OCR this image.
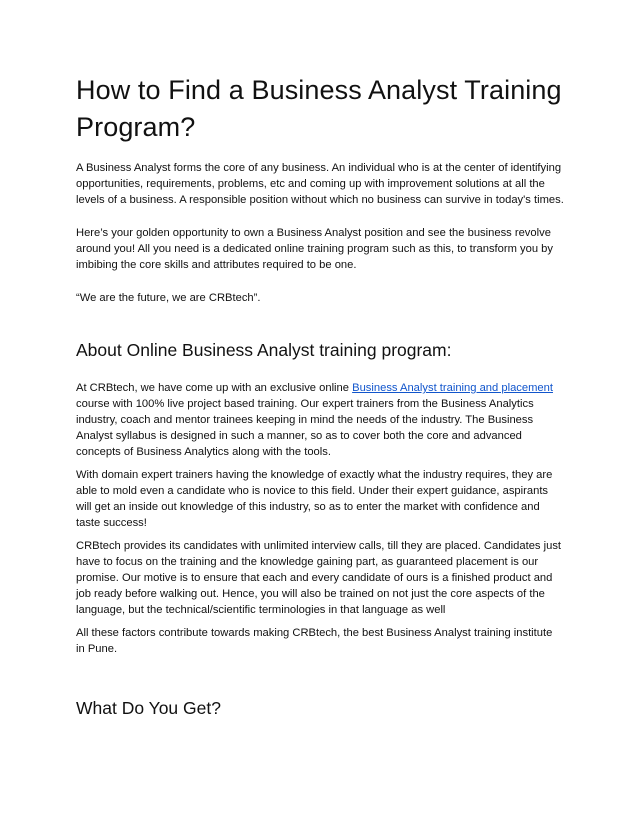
How to Find a Business Analyst Training Program?

A Business Analyst forms the core of any business. An individual who is at the center of identifying opportunities, requirements, problems, etc and coming up with improvement solutions at all the levels of a business. A responsible position without which no business can survive in today's times.

Here’s your golden opportunity to own a Business Analyst position and see the business revolve around you! All you need is a dedicated online training program such as this, to transform you by imbibing the core skills and attributes required to be one.

“We are the future, we are CRBtech”.

About Online Business Analyst training program:

At CRBtech, we have come up with an exclusive online Business Analyst training and placement course with 100% live project based training. Our expert trainers from the Business Analytics industry, coach and mentor trainees keeping in mind the needs of the industry. The Business Analyst syllabus is designed in such a manner, so as to cover both the core and advanced concepts of Business Analytics along with the tools.

With domain expert trainers having the knowledge of exactly what the industry requires, they are able to mold even a candidate who is novice to this field. Under their expert guidance, aspirants will get an inside out knowledge of this industry, so as to enter the market with confidence and taste success!

CRBtech provides its candidates with unlimited interview calls, till they are placed. Candidates just have to focus on the training and the knowledge gaining part, as guaranteed placement is our promise. Our motive is to ensure that each and every candidate of ours is a finished product and job ready before walking out. Hence, you will also be trained on not just the core aspects of the language, but the technical/scientific terminologies in that language as well

All these factors contribute towards making CRBtech, the best Business Analyst training institute in Pune.

What Do You Get?
